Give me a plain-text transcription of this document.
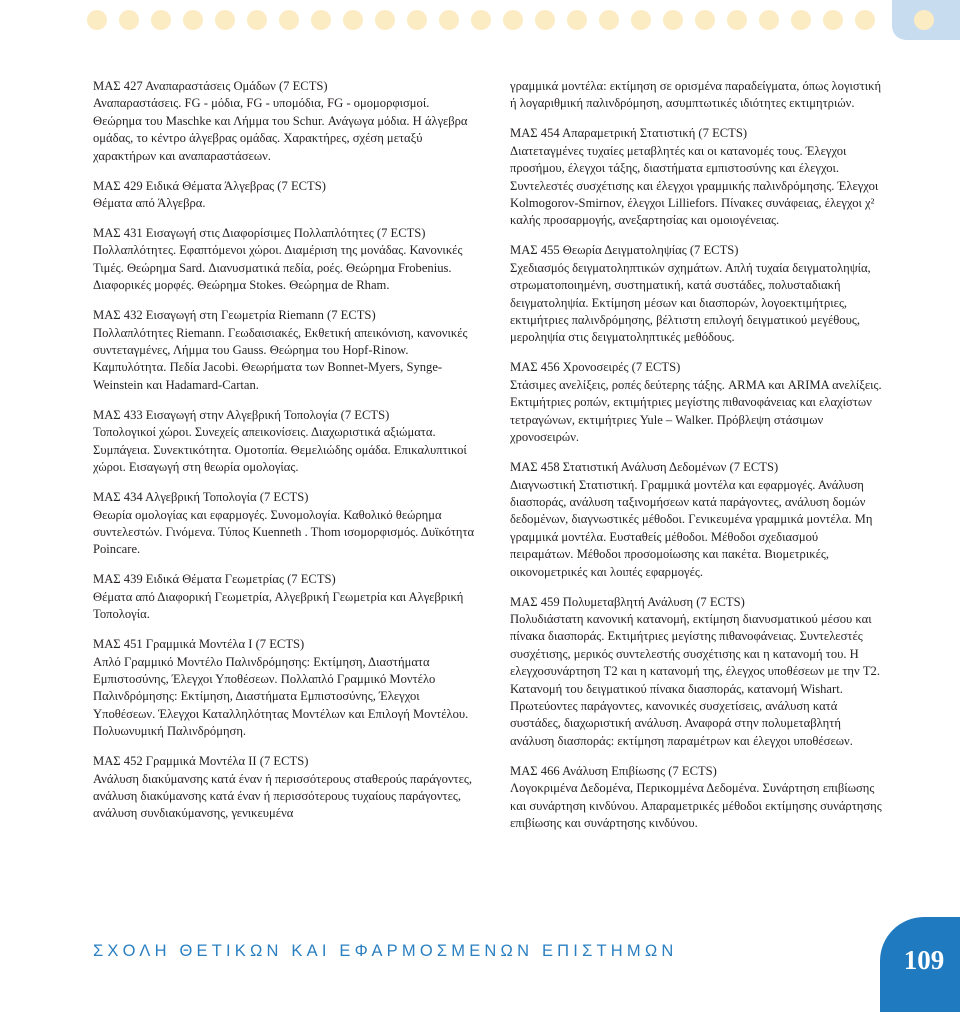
ΜΑΣ 427 Αναπαραστάσεις Ομάδων (7 ECTS)

Αναπαραστάσεις. FG - μόδια, FG - υπομόδια, FG - ομομορφισμοί. Θεώρημα του Maschke και Λήμμα του Schur. Ανάγωγα μόδια. Η άλγεβρα ομάδας, το κέντρο άλγεβρας ομάδας. Χαρακτήρες, σχέση μεταξύ χαρακτήρων και αναπαραστάσεων.

ΜΑΣ 429 Ειδικά Θέματα Άλγεβρας (7 ECTS)

Θέματα από Άλγεβρα.

ΜΑΣ 431 Εισαγωγή στις Διαφορίσιμες Πολλαπλότητες (7 ECTS)

Πολλαπλότητες. Εφαπτόμενοι χώροι. Διαμέριση της μονάδας. Κανονικές Τιμές. Θεώρημα Sard. Διανυσματικά πεδία, ροές. Θεώρημα Frobenius. Διαφορικές μορφές. Θεώρημα Stokes. Θεώρημα de Rham.

ΜΑΣ 432 Εισαγωγή στη Γεωμετρία Riemann (7 ECTS)

Πολλαπλότητες Riemann. Γεωδαισιακές, Εκθετική απεικόνιση, κανονικές συντεταγμένες, Λήμμα του Gauss. Θεώρημα του Hopf-Rinow. Καμπυλότητα. Πεδία Jacobi. Θεωρήματα των Bonnet-Myers, Synge-Weinstein και Hadamard-Cartan.

ΜΑΣ 433 Εισαγωγή στην Αλγεβρική Τοπολογία (7 ECTS)

Τοπολογικοί χώροι. Συνεχείς απεικονίσεις. Διαχωριστικά αξιώματα. Συμπάγεια. Συνεκτικότητα. Ομοτοπία. Θεμελιώδης ομάδα. Επικαλυπτικοί χώροι. Εισαγωγή στη θεωρία ομολογίας.

ΜΑΣ 434 Αλγεβρική Τοπολογία (7 ECTS)

Θεωρία ομολογίας και εφαρμογές. Συνομολογία. Καθολικό θεώρημα συντελεστών. Γινόμενα. Τύπος Kuenneth . Thom ισομορφισμός. Δυϊκότητα Poincare.

ΜΑΣ 439 Ειδικά Θέματα Γεωμετρίας (7 ECTS)

Θέματα από Διαφορική Γεωμετρία, Αλγεβρική Γεωμετρία και Αλγεβρική Τοπολογία.

ΜΑΣ 451 Γραμμικά Μοντέλα Ι (7 ECTS)

Απλό Γραμμικό Μοντέλο Παλινδρόμησης: Εκτίμηση, Διαστήματα Εμπιστοσύνης, Έλεγχοι Υποθέσεων. Πολλαπλό Γραμμικό Μοντέλο Παλινδρόμησης: Εκτίμηση, Διαστήματα Εμπιστοσύνης, Έλεγχοι Υποθέσεων. Έλεγχοι Καταλληλότητας Μοντέλων και Επιλογή Μοντέλου. Πολυωνυμική Παλινδρόμηση.

ΜΑΣ 452 Γραμμικά Μοντέλα ΙΙ (7 ECTS)

Ανάλυση διακύμανσης κατά έναν ή περισσότερους σταθερούς παράγοντες, ανάλυση διακύμανσης κατά έναν ή περισσότερους τυχαίους παράγοντες, ανάλυση συνδιακύμανσης, γενικευμένα

γραμμικά μοντέλα: εκτίμηση σε ορισμένα παραδείγματα, όπως λογιστική ή λογαριθμική παλινδρόμηση, ασυμπτωτικές ιδιότητες εκτιμητριών.

ΜΑΣ 454 Απαραμετρική Στατιστική (7 ECTS)

Διατεταγμένες τυχαίες μεταβλητές και οι κατανομές τους. Έλεγχοι προσήμου, έλεγχοι τάξης, διαστήματα εμπιστοσύνης και έλεγχοι. Συντελεστές συσχέτισης και έλεγχοι γραμμικής παλινδρόμησης. Έλεγχοι Kolmogorov-Smirnov, έλεγχοι Lilliefors. Πίνακες συνάφειας, έλεγχοι χ² καλής προσαρμογής, ανεξαρτησίας και ομοιογένειας.

ΜΑΣ 455 Θεωρία Δειγματοληψίας (7 ECTS)

Σχεδιασμός δειγματοληπτικών σχημάτων. Απλή τυχαία δειγματοληψία, στρωματοποιημένη, συστηματική, κατά συστάδες, πολυσταδιακή δειγματοληψία. Εκτίμηση μέσων και διασπορών, λογοεκτιμήτριες, εκτιμήτριες παλινδρόμησης, βέλτιστη επιλογή δειγματικού μεγέθους, μεροληψία στις δειγματοληπτικές μεθόδους.

ΜΑΣ 456 Χρονοσειρές (7 ECTS)

Στάσιμες ανελίξεις, ροπές δεύτερης τάξης. ARMA και ARIMA ανελίξεις. Εκτιμήτριες ροπών, εκτιμήτριες μεγίστης πιθανοφάνειας και ελαχίστων τετραγώνων, εκτιμήτριες Yule – Walker. Πρόβλεψη στάσιμων χρονοσειρών.

ΜΑΣ 458 Στατιστική Ανάλυση Δεδομένων (7 ECTS)

Διαγνωστική Στατιστική. Γραμμικά μοντέλα και εφαρμογές. Ανάλυση διασποράς, ανάλυση ταξινομήσεων κατά παράγοντες, ανάλυση δομών δεδομένων, διαγνωστικές μέθοδοι. Γενικευμένα γραμμικά μοντέλα. Μη γραμμικά μοντέλα. Ευσταθείς μέθοδοι. Μέθοδοι σχεδιασμού πειραμάτων. Μέθοδοι προσομοίωσης και πακέτα. Βιομετρικές, οικονομετρικές και λοιπές εφαρμογές.

ΜΑΣ 459 Πολυμεταβλητή Ανάλυση (7 ECTS)

Πολυδιάστατη κανονική κατανομή, εκτίμηση διανυσματικού μέσου και πίνακα διασποράς. Εκτιμήτριες μεγίστης πιθανοφάνειας. Συντελεστές συσχέτισης, μερικός συντελεστής συσχέτισης και η κατανομή του. Η ελεγχοσυνάρτηση T2 και η κατανομή της, έλεγχος υποθέσεων με την T2. Κατανομή του δειγματικού πίνακα διασποράς, κατανομή Wishart. Πρωτεύοντες παράγοντες, κανονικές συσχετίσεις, ανάλυση κατά συστάδες, διαχωριστική ανάλυση. Αναφορά στην πολυμεταβλητή ανάλυση διασποράς: εκτίμηση παραμέτρων και έλεγχοι υποθέσεων.

ΜΑΣ 466 Ανάλυση Επιβίωσης (7 ECTS)

Λογοκριμένα Δεδομένα, Περικομμένα Δεδομένα. Συνάρτηση επιβίωσης και συνάρτηση κινδύνου. Απαραμετρικές μέθοδοι εκτίμησης συνάρτησης επιβίωσης και συνάρτησης κινδύνου.

ΣΧΟΛΗ ΘΕΤΙΚΩΝ ΚΑΙ ΕΦΑΡΜΟΣΜΕΝΩΝ ΕΠΙΣΤΗΜΩΝ	109
